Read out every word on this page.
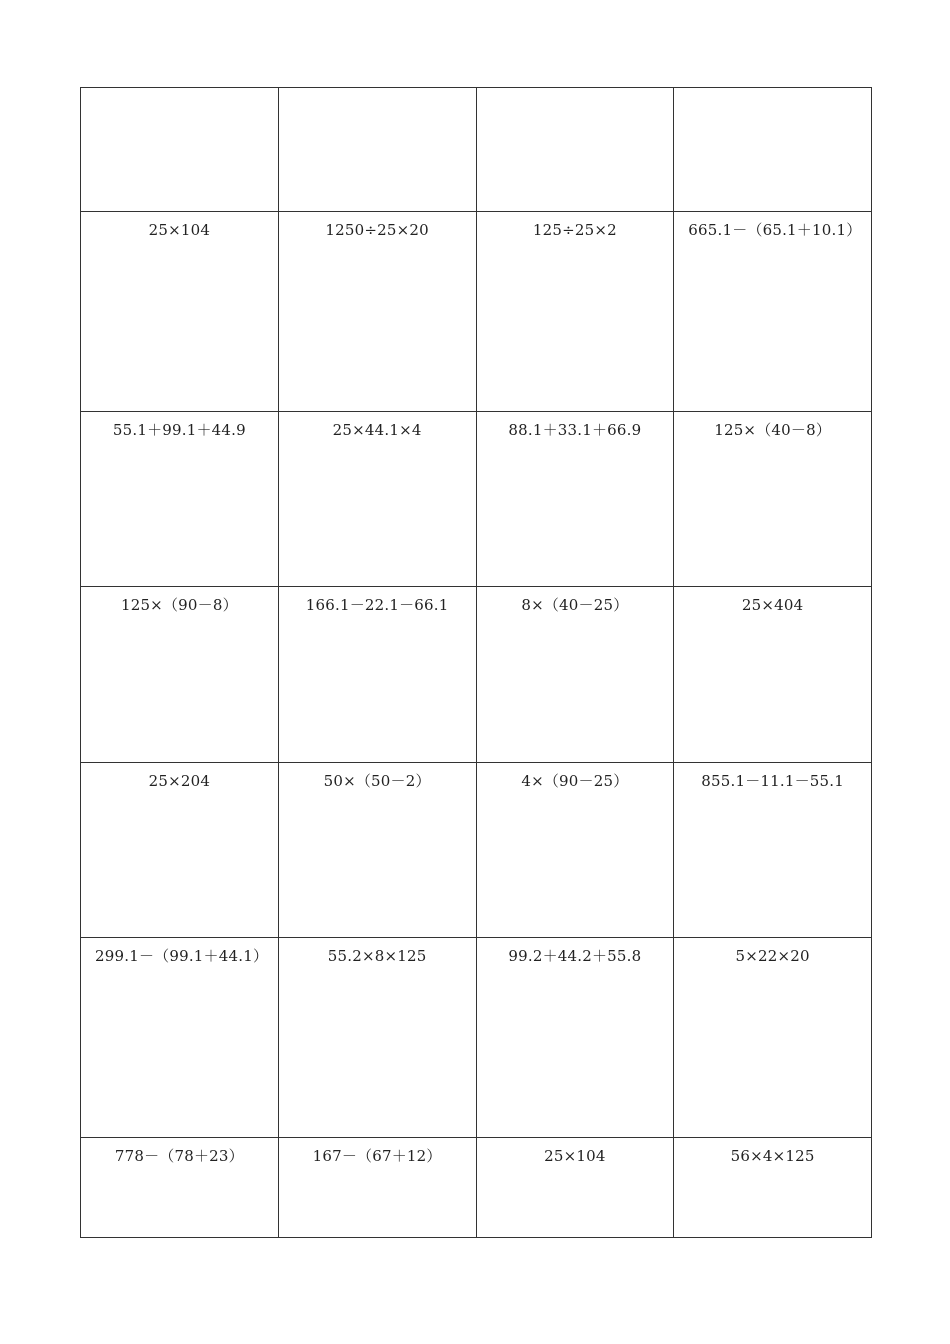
25×104	1250÷25×20	125÷25×2	665.1－（65.1＋10.1）
55.1＋99.1＋44.9	25×44.1×4	88.1＋33.1＋66.9	125×（40－8）
125×（90－8）	166.1－22.1－66.1	8×（40－25）	25×404
25×204	50×（50－2）	4×（90－25）	855.1－11.1－55.1
299.1－（99.1＋44.1）	55.2×8×125	99.2＋44.2＋55.8	5×22×20
778－（78＋23）	167－（67＋12）	25×104	56×4×125
